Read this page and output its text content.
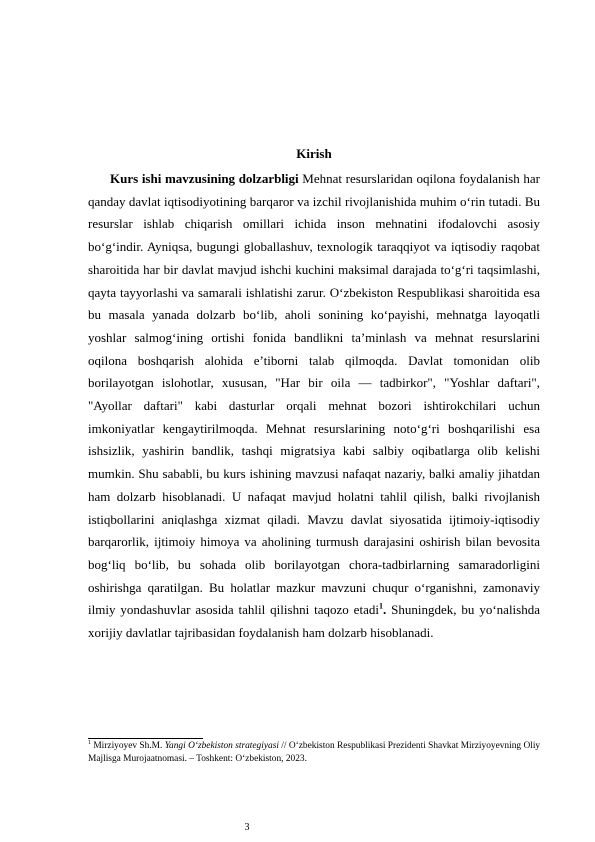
Kirish

Kurs ishi mavzusining dolzarbligi Mehnat resurslaridan oqilona foydalanish har qanday davlat iqtisodiyotining barqaror va izchil rivojlanishida muhim o‘rin tutadi. Bu resurslar ishlab chiqarish omillari ichida inson mehnatini ifodalovchi asosiy bo‘g‘indir. Ayniqsa, bugungi globallashuv, texnologik taraqqiyot va iqtisodiy raqobat sharoitida har bir davlat mavjud ishchi kuchini maksimal darajada to‘g‘ri taqsimlashi, qayta tayyorlashi va samarali ishlatishi zarur. O‘zbekiston Respublikasi sharoitida esa bu masala yanada dolzarb bo‘lib, aholi sonining ko‘payishi, mehnatga layoqatli yoshlar salmog‘ining ortishi fonida bandlikni ta’minlash va mehnat resurslarini oqilona boshqarish alohida e’tiborni talab qilmoqda. Davlat tomonidan olib borilayotgan islohotlar, xususan, "Har bir oila — tadbirkor", "Yoshlar daftari", "Ayollar daftari" kabi dasturlar orqali mehnat bozori ishtirokchilari uchun imkoniyatlar kengaytirilmoqda. Mehnat resurslarining noto‘g‘ri boshqarilishi esa ishsizlik, yashirin bandlik, tashqi migratsiya kabi salbiy oqibatlarga olib kelishi mumkin. Shu sababli, bu kurs ishining mavzusi nafaqat nazariy, balki amaliy jihatdan ham dolzarb hisoblanadi. U nafaqat mavjud holatni tahlil qilish, balki rivojlanish istiqbollarini aniqlashga xizmat qiladi. Mavzu davlat siyosatida ijtimoiy-iqtisodiy barqarorlik, ijtimoiy himoya va aholining turmush darajasini oshirish bilan bevosita bog‘liq bo‘lib, bu sohada olib borilayotgan chora-tadbirlarning samaradorligini oshirishga qaratilgan. Bu holatlar mazkur mavzuni chuqur o‘rganishni, zamonaviy ilmiy yondashuvlar asosida tahlil qilishni taqozo etadi$^1$. Shuningdek, bu yo‘nalishda xorijiy davlatlar tajribasidan foydalanish ham dolzarb hisoblanadi.

$^1$ Mirziyoyev Sh.M. Yangi O‘zbekiston strategiyasi // O‘zbekiston Respublikasi Prezidenti Shavkat Mirziyoyevning Oliy Majlisga Murojaatnomasi. – Toshkent: O‘zbekiston, 2023.

3
